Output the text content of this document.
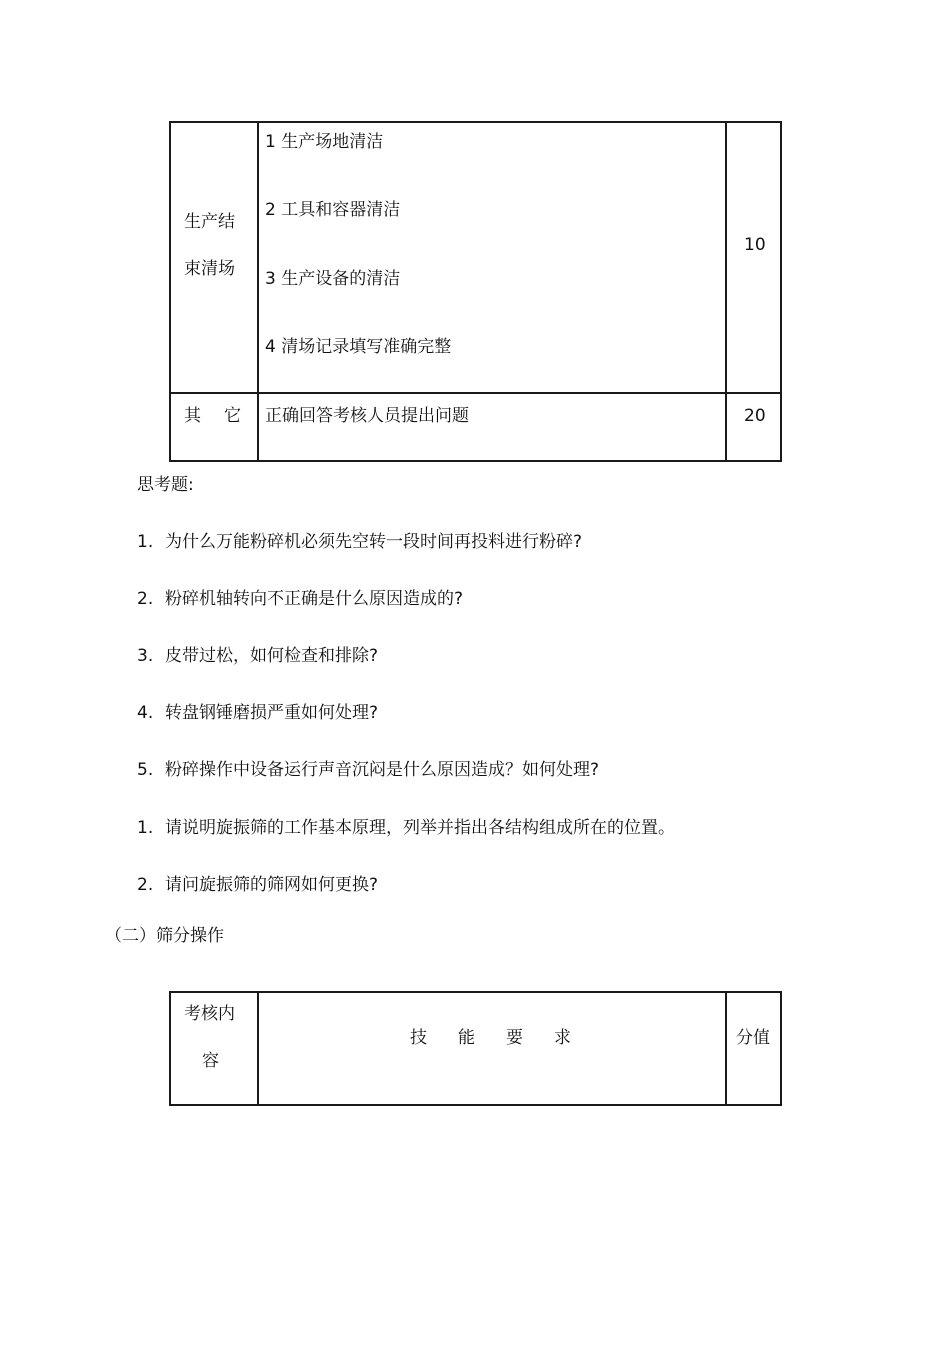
生产结
束清场
1 生产场地清洁
2 工具和容器清洁
3 生产设备的清洁
4 清场记录填写准确完整
10
其 它 正确回答考核人员提出问题	20
思考题:
1. 为什么万能粉碎机必须先空转一段时间再投料进行粉碎?
2. 粉碎机轴转向不正确是什么原因造成的?
3. 皮带过松，如何检查和排除?
4. 转盘钢锤磨损严重如何处理?
5. 粉碎操作中设备运行声音沉闷是什么原因造成？如何处理?
1. 请说明旋振筛的工作基本原理，列举并指出各结构组成所在的位置。
2. 请问旋振筛的筛网如何更换?
（二）筛分操作
考核内
容
技 能 要 求	分值
